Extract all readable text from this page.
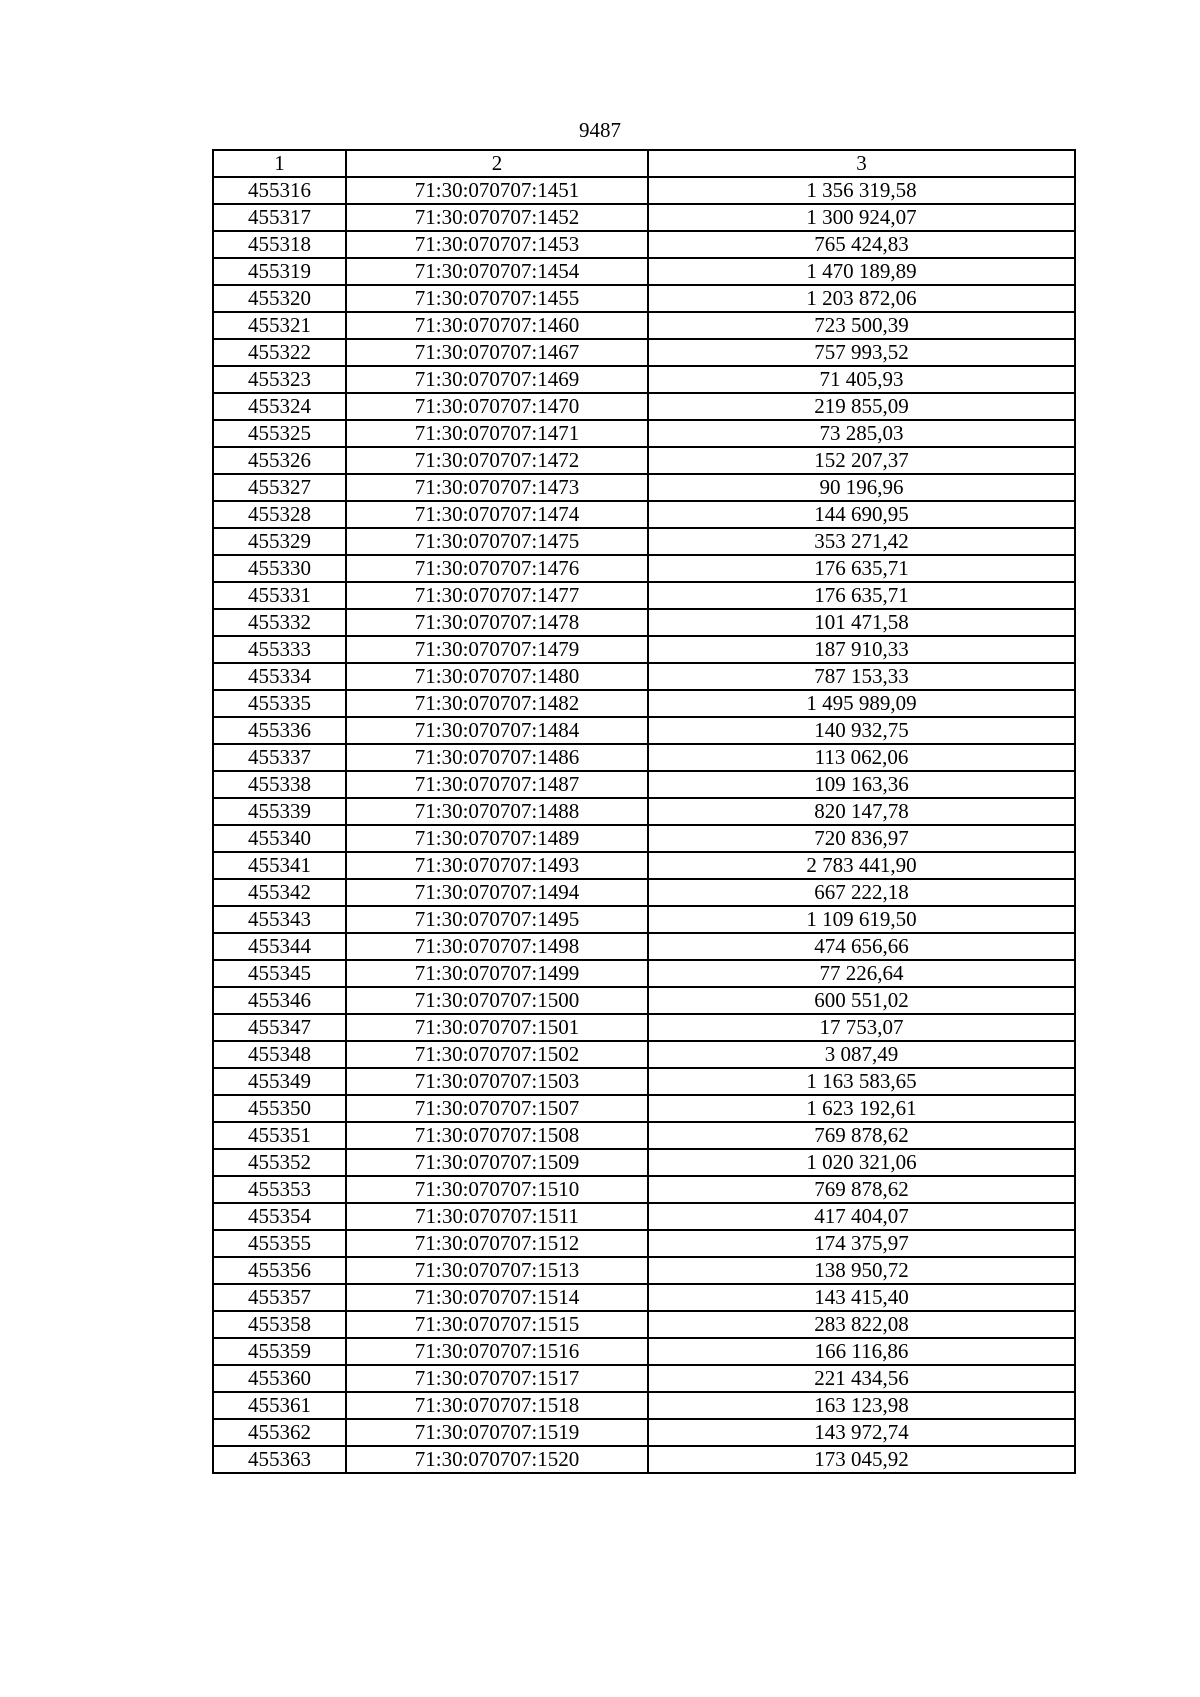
9487
1	2	3
455316	71:30:070707:1451	1 356 319,58
455317	71:30:070707:1452	1 300 924,07
455318	71:30:070707:1453	765 424,83
455319	71:30:070707:1454	1 470 189,89
455320	71:30:070707:1455	1 203 872,06
455321	71:30:070707:1460	723 500,39
455322	71:30:070707:1467	757 993,52
455323	71:30:070707:1469	71 405,93
455324	71:30:070707:1470	219 855,09
455325	71:30:070707:1471	73 285,03
455326	71:30:070707:1472	152 207,37
455327	71:30:070707:1473	90 196,96
455328	71:30:070707:1474	144 690,95
455329	71:30:070707:1475	353 271,42
455330	71:30:070707:1476	176 635,71
455331	71:30:070707:1477	176 635,71
455332	71:30:070707:1478	101 471,58
455333	71:30:070707:1479	187 910,33
455334	71:30:070707:1480	787 153,33
455335	71:30:070707:1482	1 495 989,09
455336	71:30:070707:1484	140 932,75
455337	71:30:070707:1486	113 062,06
455338	71:30:070707:1487	109 163,36
455339	71:30:070707:1488	820 147,78
455340	71:30:070707:1489	720 836,97
455341	71:30:070707:1493	2 783 441,90
455342	71:30:070707:1494	667 222,18
455343	71:30:070707:1495	1 109 619,50
455344	71:30:070707:1498	474 656,66
455345	71:30:070707:1499	77 226,64
455346	71:30:070707:1500	600 551,02
455347	71:30:070707:1501	17 753,07
455348	71:30:070707:1502	3 087,49
455349	71:30:070707:1503	1 163 583,65
455350	71:30:070707:1507	1 623 192,61
455351	71:30:070707:1508	769 878,62
455352	71:30:070707:1509	1 020 321,06
455353	71:30:070707:1510	769 878,62
455354	71:30:070707:1511	417 404,07
455355	71:30:070707:1512	174 375,97
455356	71:30:070707:1513	138 950,72
455357	71:30:070707:1514	143 415,40
455358	71:30:070707:1515	283 822,08
455359	71:30:070707:1516	166 116,86
455360	71:30:070707:1517	221 434,56
455361	71:30:070707:1518	163 123,98
455362	71:30:070707:1519	143 972,74
455363	71:30:070707:1520	173 045,92
